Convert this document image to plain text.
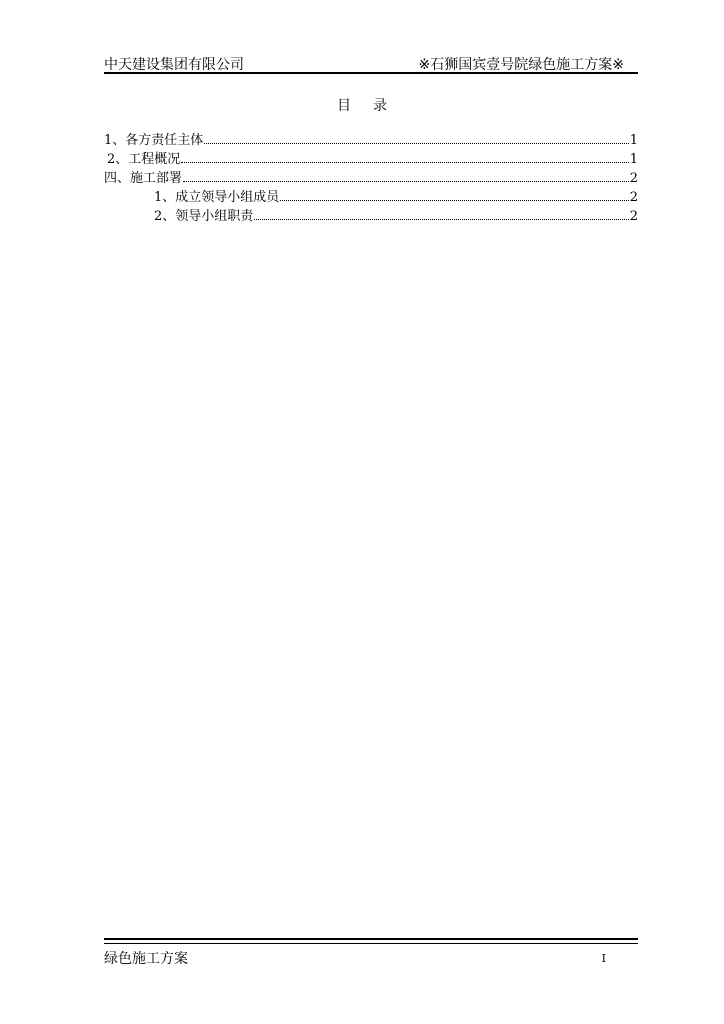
中天建设集团有限公司	※石狮国宾壹号院绿色施工方案※
目录
1、各方责任主体	1
2、工程概况	1
四、施工部署	2
1、成立领导小组成员	2
2、领导小组职责	2
绿色施工方案	I
